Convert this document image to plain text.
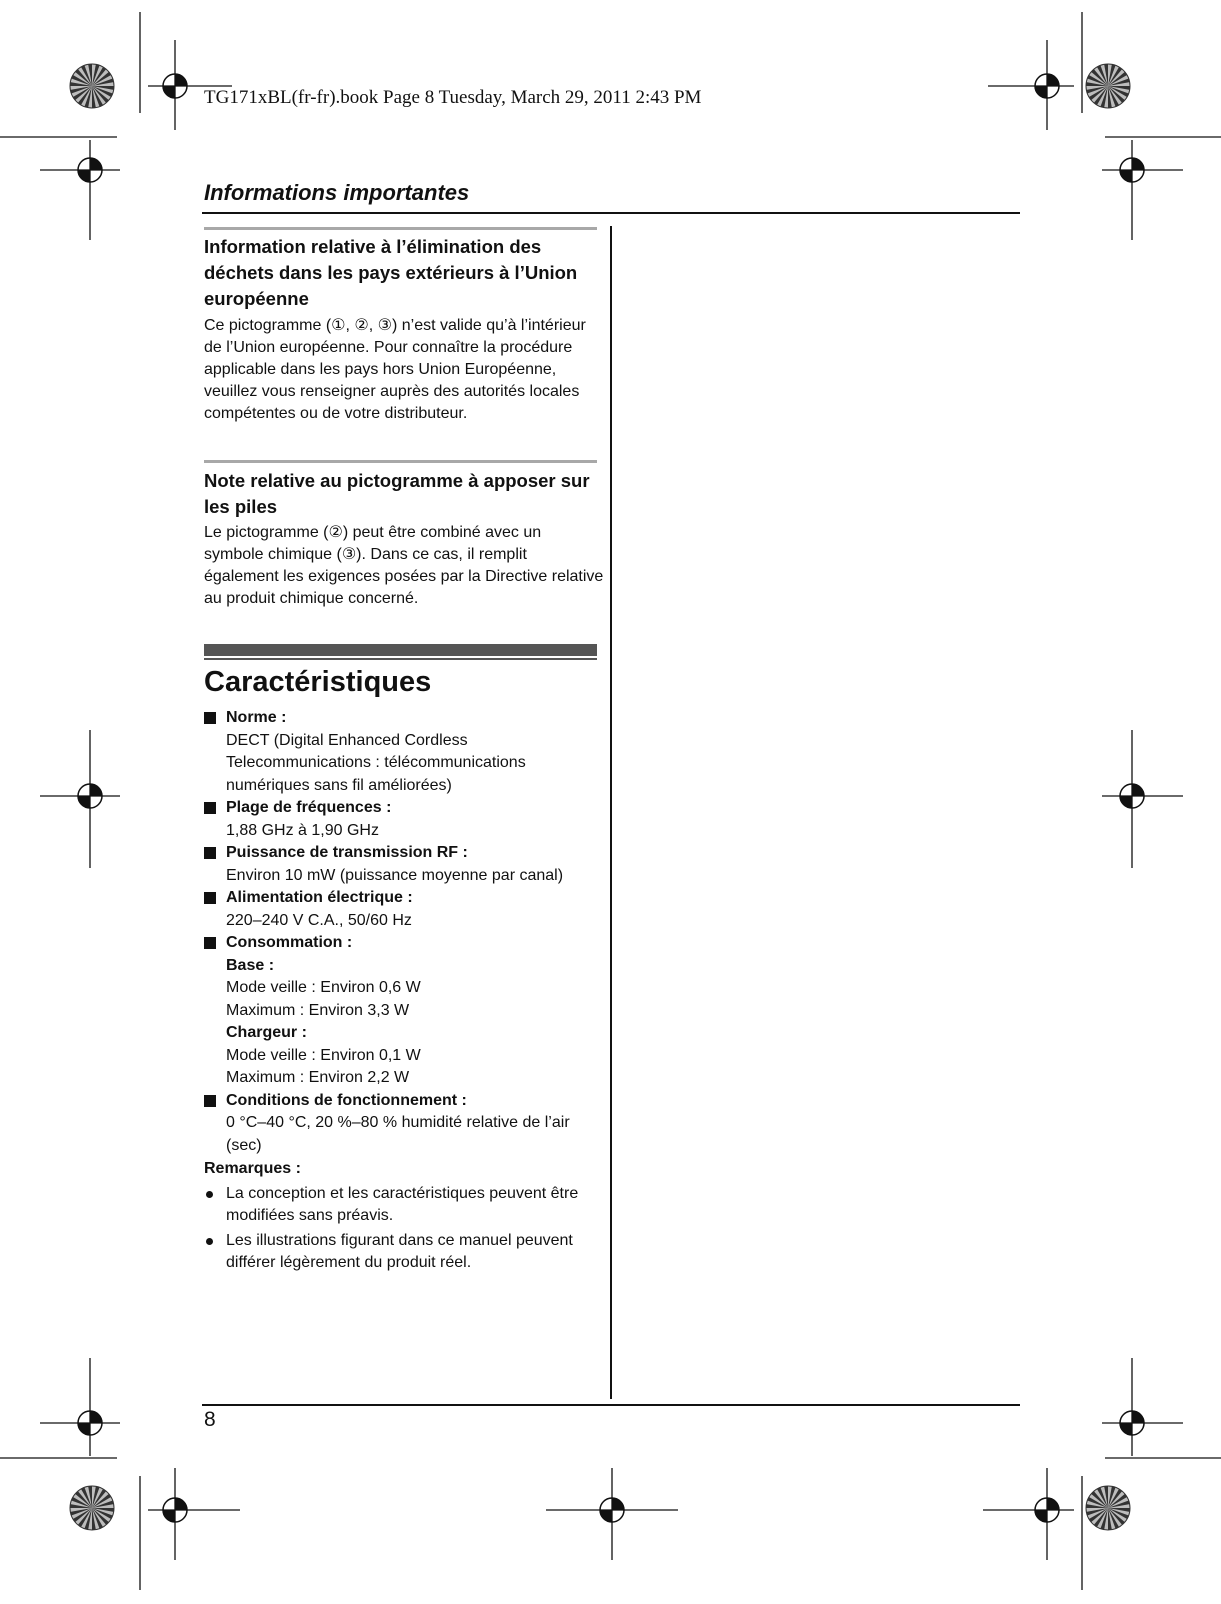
TG171xBL(fr-fr).book Page 8 Tuesday, March 29, 2011 2:43 PM
Informations importantes
Information relative à l’élimination des déchets dans les pays extérieurs à l’Union européenne
Ce pictogramme (①, ②, ③) n’est valide qu’à l’intérieur de l’Union européenne. Pour connaître la procédure applicable dans les pays hors Union Européenne, veuillez vous renseigner auprès des autorités locales compétentes ou de votre distributeur.
Note relative au pictogramme à apposer sur les piles
Le pictogramme (②) peut être combiné avec un symbole chimique (③). Dans ce cas, il remplit également les exigences posées par la Directive relative au produit chimique concerné.
Caractéristiques
Norme :
DECT (Digital Enhanced Cordless Telecommunications : télécommunications numériques sans fil améliorées)
Plage de fréquences :
1,88 GHz à 1,90 GHz
Puissance de transmission RF :
Environ 10 mW (puissance moyenne par canal)
Alimentation électrique :
220–240 V C.A., 50/60 Hz
Consommation :
Base :
Mode veille : Environ 0,6 W
Maximum : Environ 3,3 W
Chargeur :
Mode veille : Environ 0,1 W
Maximum : Environ 2,2 W
Conditions de fonctionnement :
0 °C–40 °C, 20 %–80 % humidité relative de l’air (sec)
Remarques :
La conception et les caractéristiques peuvent être modifiées sans préavis.
Les illustrations figurant dans ce manuel peuvent différer légèrement du produit réel.
8
